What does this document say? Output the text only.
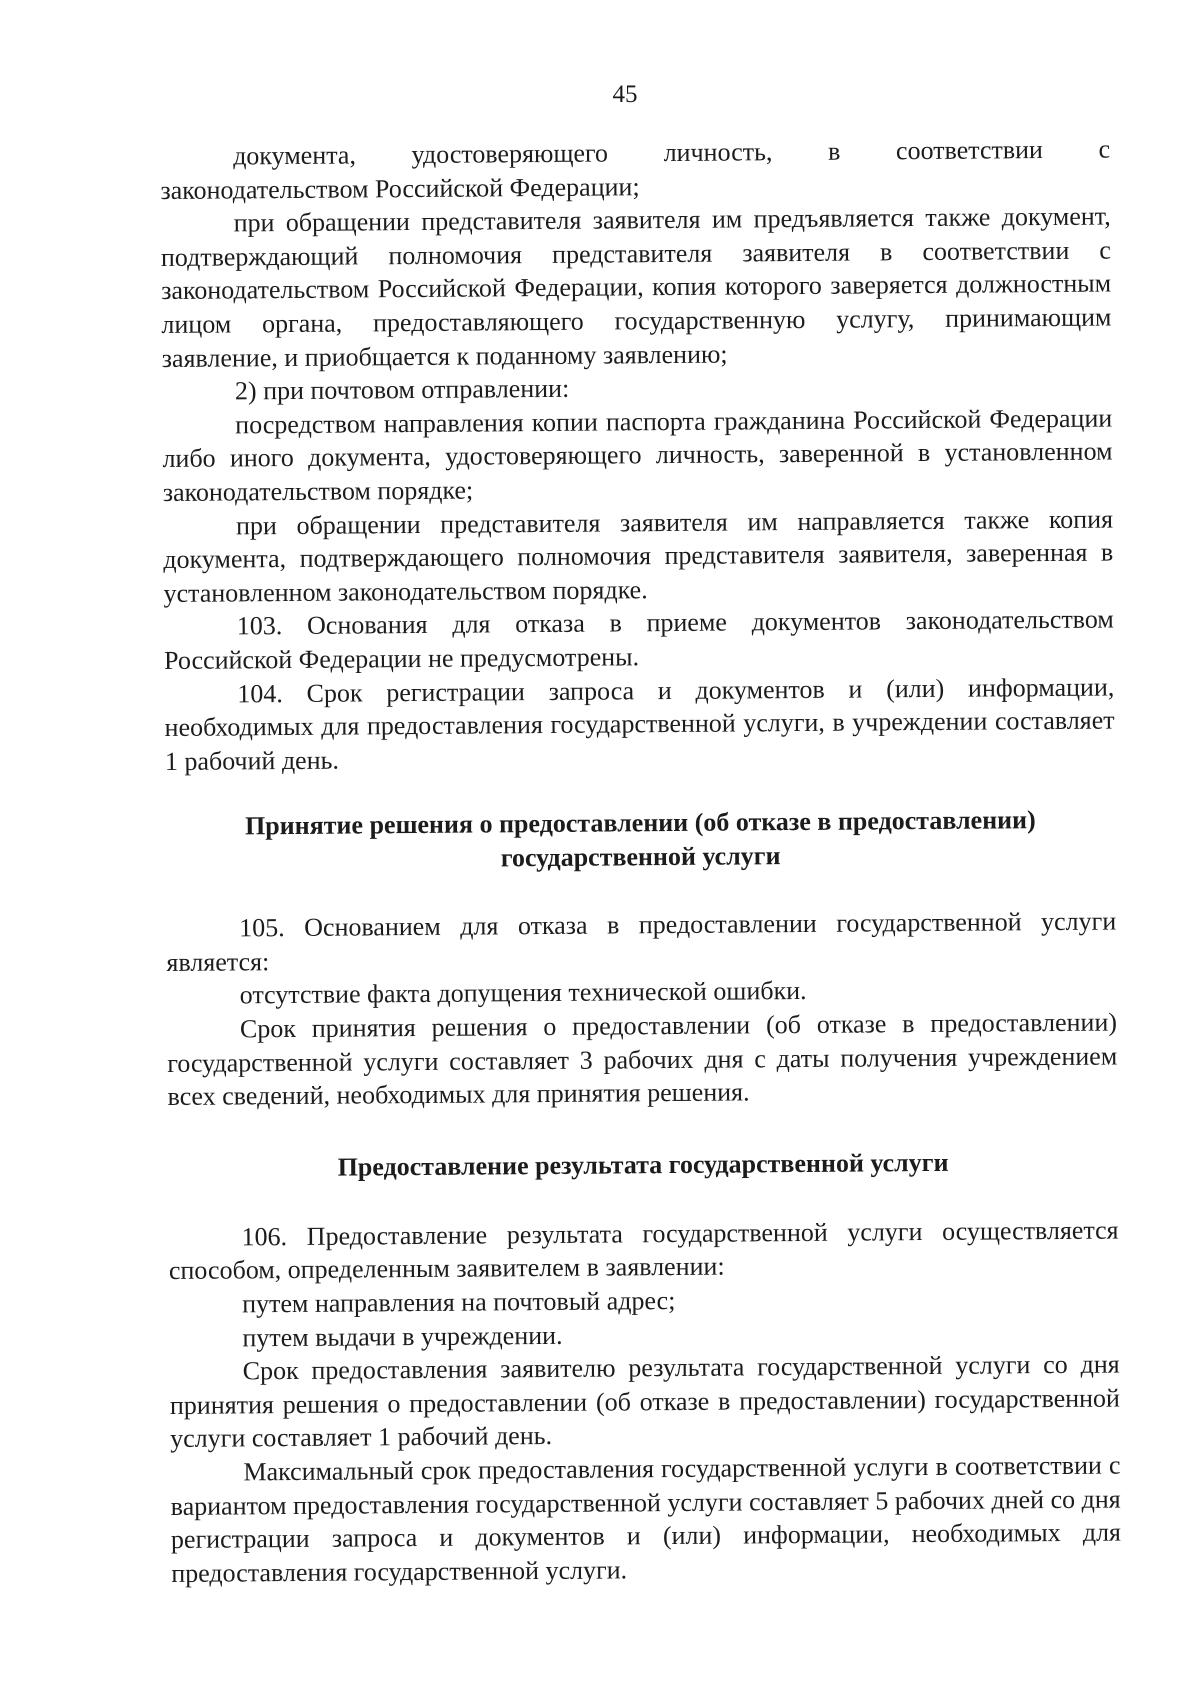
45

документа, удостоверяющего личность, в соответствии с

законодательством Российской Федерации;

при обращении представителя заявителя им предъявляется также документ, подтверждающий полномочия представителя заявителя в соответствии с законодательством Российской Федерации, копия которого заверяется должностным лицом органа, предоставляющего государственную услугу, принимающим заявление, и приобщается к поданному заявлению;

2) при почтовом отправлении:

посредством направления копии паспорта гражданина Российской Федерации либо иного документа, удостоверяющего личность, заверенной в установленном законодательством порядке;

при обращении представителя заявителя им направляется также копия документа, подтверждающего полномочия представителя заявителя, заверенная в установленном законодательством порядке.

103. Основания для отказа в приеме документов законодательством Российской Федерации не предусмотрены.

104. Срок регистрации запроса и документов и (или) информации, необходимых для предоставления государственной услуги, в учреждении составляет 1 рабочий день.

Принятие решения о предоставлении (об отказе в предоставлении)
государственной услуги

105. Основанием для отказа в предоставлении государственной услуги является:

отсутствие факта допущения технической ошибки.

Срок принятия решения о предоставлении (об отказе в предоставлении) государственной услуги составляет 3 рабочих дня с даты получения учреждением всех сведений, необходимых для принятия решения.

Предоставление результата государственной услуги

106. Предоставление результата государственной услуги осуществляется способом, определенным заявителем в заявлении:

путем направления на почтовый адрес;

путем выдачи в учреждении.

Срок предоставления заявителю результата государственной услуги со дня принятия решения о предоставлении (об отказе в предоставлении) государственной услуги составляет 1 рабочий день.

Максимальный срок предоставления государственной услуги в соответствии с вариантом предоставления государственной услуги составляет 5 рабочих дней со дня регистрации запроса и документов и (или) информации, необходимых для предоставления государственной услуги.
